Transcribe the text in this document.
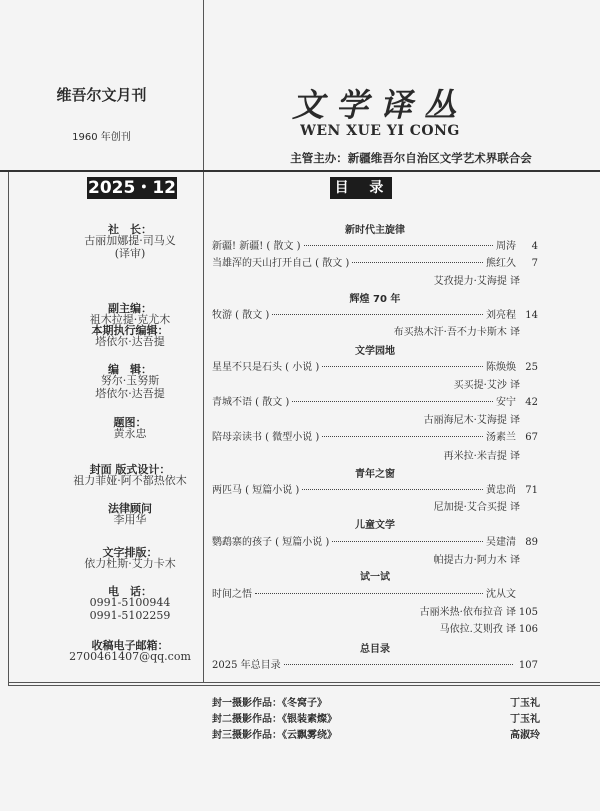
维吾尔文月刊
1960 年创刊
文学译丛
WEN XUE YI CONG
主管主办：新疆维吾尔自治区文学艺术界联合会
2025・12	目 录
社　长：
古丽加娜提·司马义
(译审)
副主编：
祖木拉提·克尤木
本期执行编辑：
塔依尔·达吾提
编　辑：
努尔·玉努斯
塔依尔·达吾提
题图：
黄永忠
封面 版式设计：
祖力菲娅·阿不都热依木
法律顾问
李用华
文字排版：
依力杜斯·艾力卡木
电　话：
0991-5100944
0991-5102259
收稿电子邮箱：
2700461407@qq.com
新时代主旋律
新疆! 新疆! ( 散文 )	周涛	4
当雄浑的天山打开自己 ( 散文 )	熊红久	7
艾孜提力·艾海提 译
辉煌 70 年
牧游 ( 散文 )	刘亮程 14
布买热木汗·吾不力卡斯木 译
文学园地
星星不只是石头 ( 小说 )	陈焕焕 25
买买提·艾沙 译
青城不语 ( 散文 )	安宁 42
古丽海尼木·艾海提 译
陪母亲读书 ( 微型小说 )	汤素兰 67
再米拉·米吉提 译
青年之窗
两匹马 ( 短篇小说 )	黄忠尚 71
尼加提·艾合买提 译
儿童文学
鹦鹉寨的孩子 ( 短篇小说 )	吴建清 89
帕提古力·阿力木 译
试一试
时间之悟	沈从文
古丽米热·依布拉音 译 105
马依拉.艾则孜 译 106
总目录
2025 年总目录	107
封一摄影作品：《冬窝子》	丁玉礼
封二摄影作品：《银装素燦》	丁玉礼
封三摄影作品：《云飘雾绕》	高淑玲
